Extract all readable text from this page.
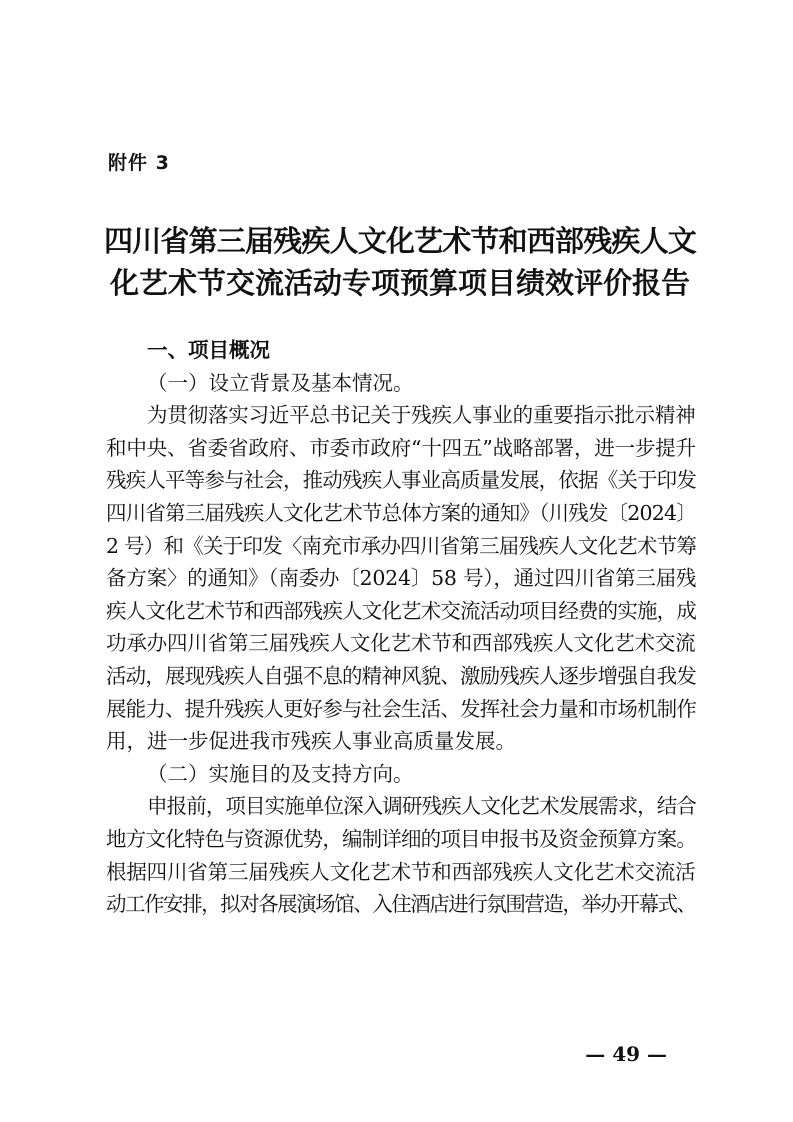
附件 3
四川省第三届残疾人文化艺术节和西部残疾人文
化艺术节交流活动专项预算项目绩效评价报告
一、项目概况
（一）设立背景及基本情况。
为贯彻落实习近平总书记关于残疾人事业的重要指示批示精神
和中央、省委省政府、市委市政府“十四五”战略部署，进一步提升
残疾人平等参与社会，推动残疾人事业高质量发展，依据《关于印发
四川省第三届残疾人文化艺术节总体方案的通知》（川残发〔2024〕
2 号）和《关于印发〈南充市承办四川省第三届残疾人文化艺术节筹
备方案〉的通知》（南委办〔2024〕58 号），通过四川省第三届残
疾人文化艺术节和西部残疾人文化艺术交流活动项目经费的实施，成
功承办四川省第三届残疾人文化艺术节和西部残疾人文化艺术交流
活动，展现残疾人自强不息的精神风貌、激励残疾人逐步增强自我发
展能力、提升残疾人更好参与社会生活、发挥社会力量和市场机制作
用，进一步促进我市残疾人事业高质量发展。
（二）实施目的及支持方向。
申报前，项目实施单位深入调研残疾人文化艺术发展需求，结合
地方文化特色与资源优势，编制详细的项目申报书及资金预算方案。
根据四川省第三届残疾人文化艺术节和西部残疾人文化艺术交流活
动工作安排，拟对各展演场馆、入住酒店进行氛围营造，举办开幕式、
— 49 —
